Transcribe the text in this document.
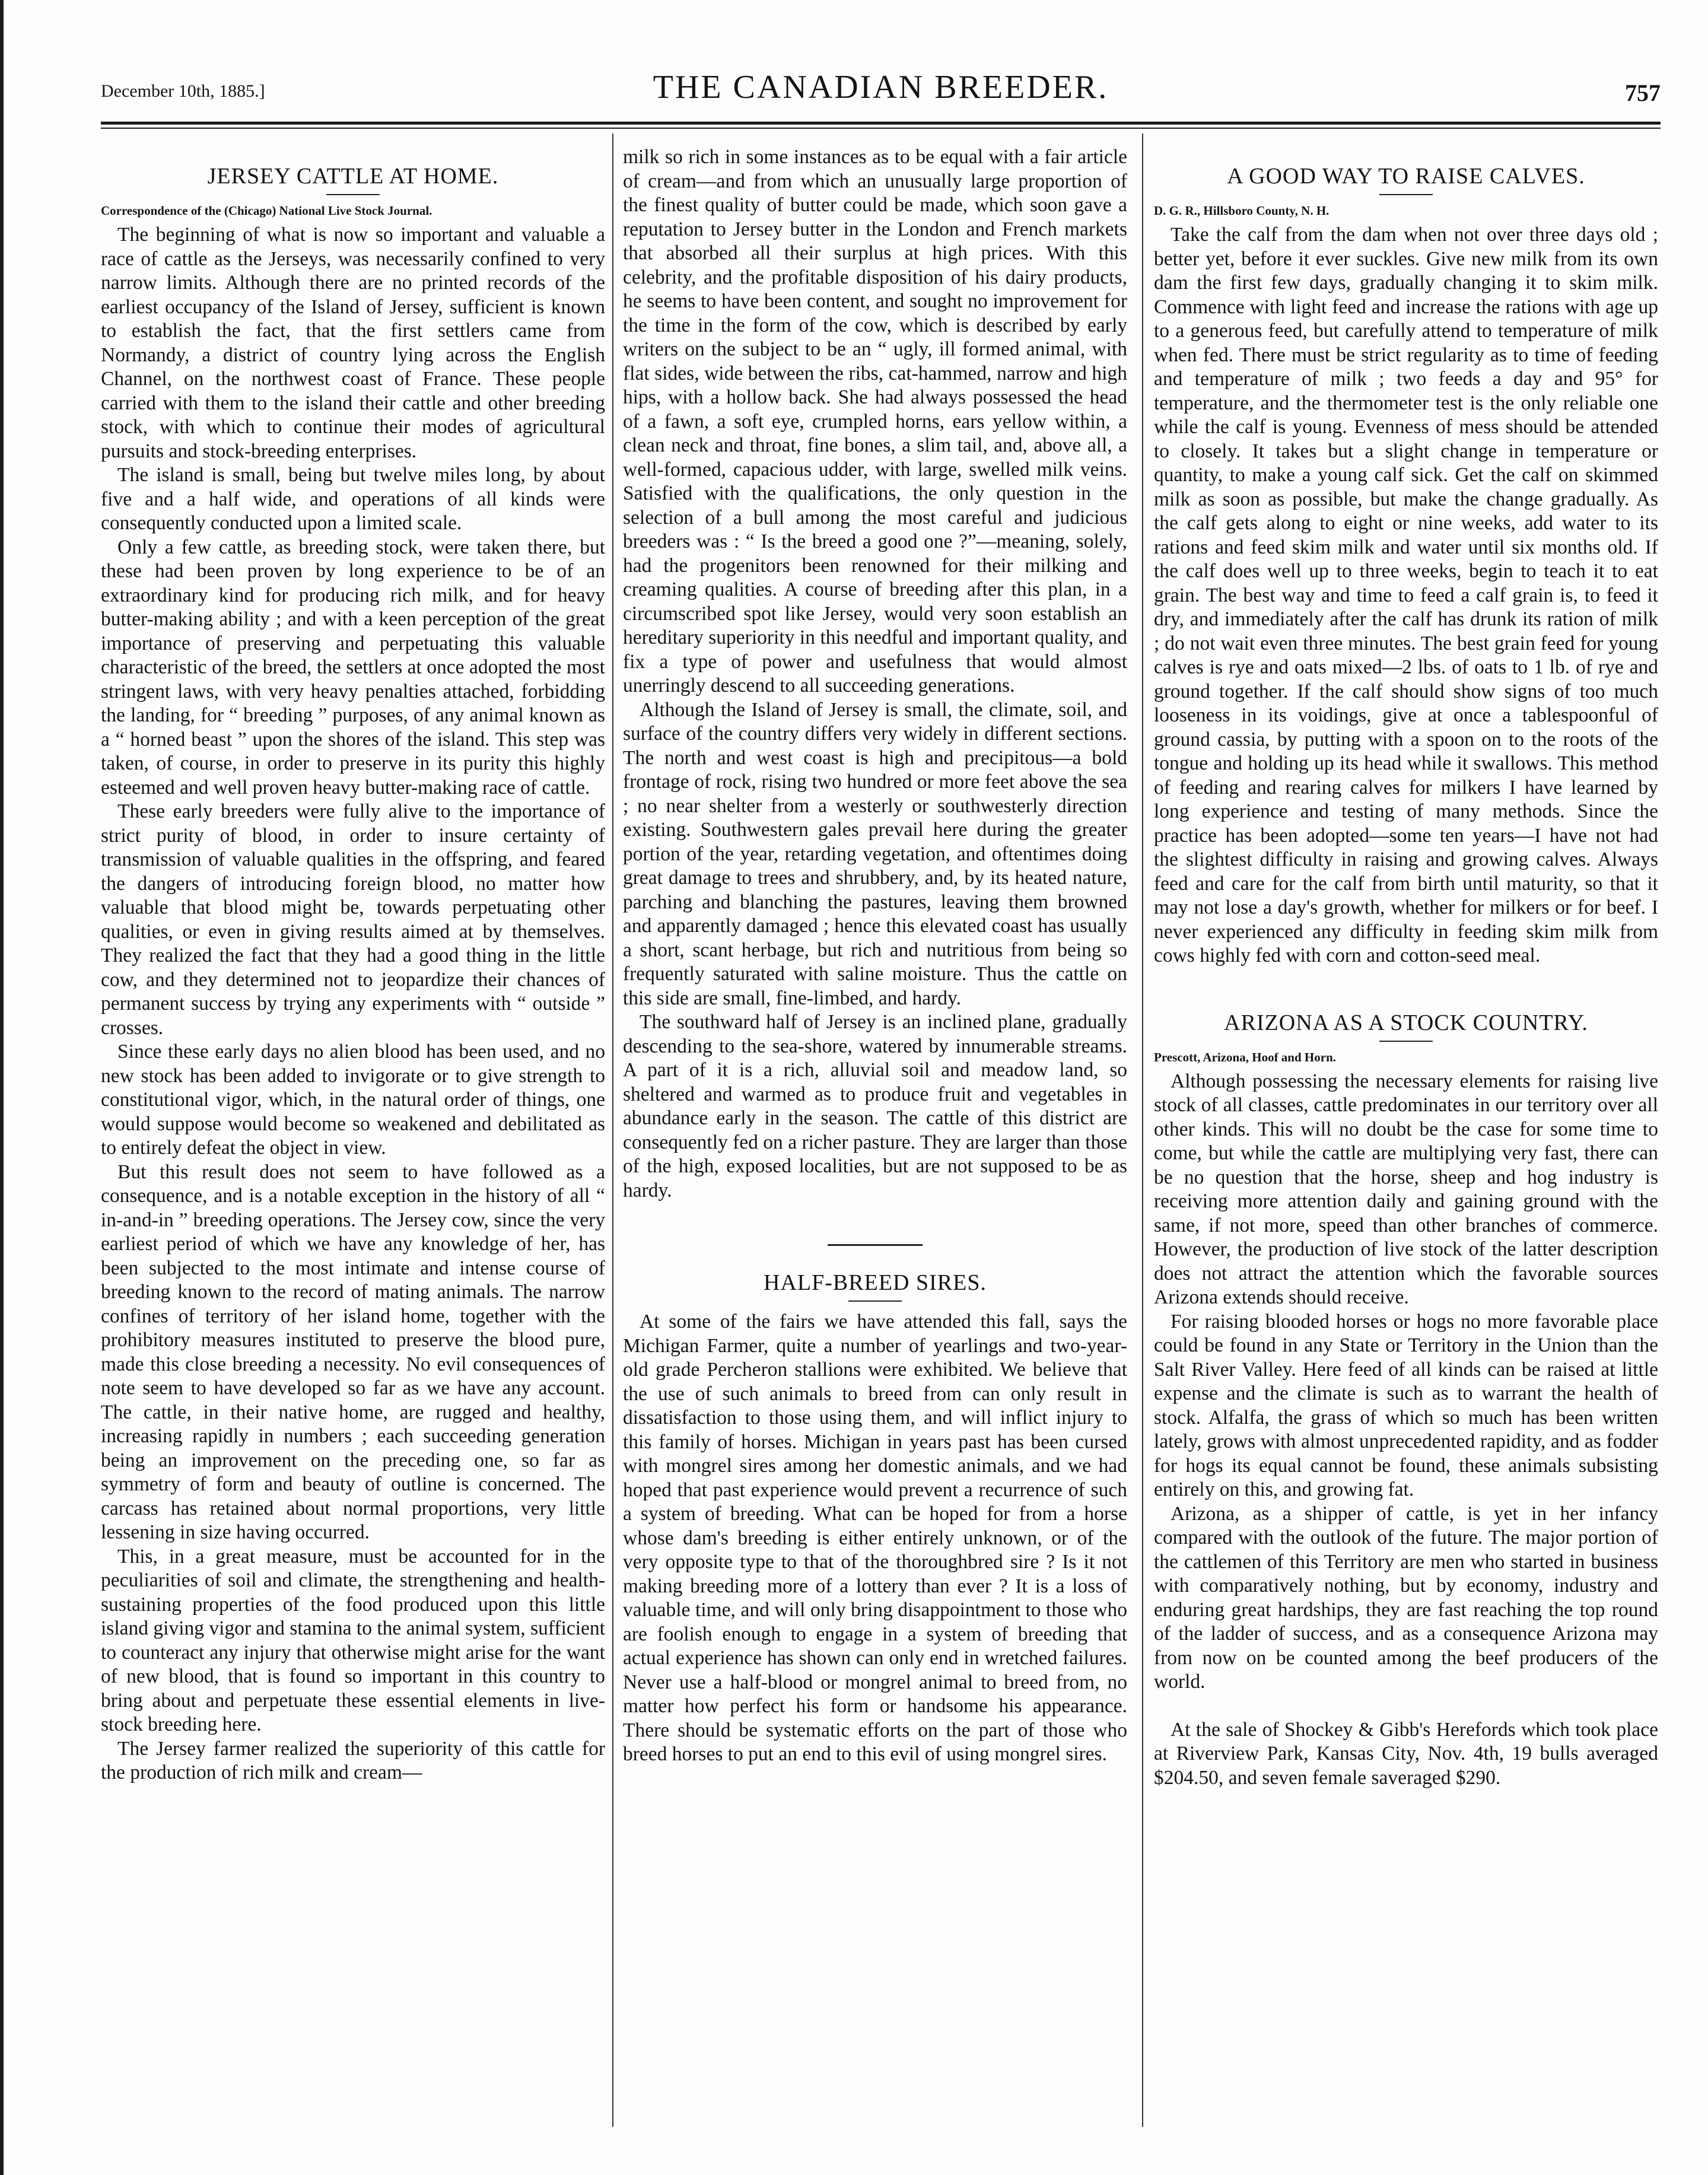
December 10th, 1885.]	THE CANADIAN BREEDER.	757
JERSEY CATTLE AT HOME.
Correspondence of the (Chicago) National Live Stock Journal.

The beginning of what is now so important and valuable a race of cattle as the Jerseys, was necessarily confined to very narrow limits. Although there are no printed records of the earliest occupancy of the Island of Jersey, sufficient is known to establish the fact, that the first settlers came from Normandy, a district of country lying across the English Channel, on the northwest coast of France. These people carried with them to the island their cattle and other breeding stock, with which to continue their modes of agricultural pursuits and stock-breeding enterprises.

The island is small, being but twelve miles long, by about five and a half wide, and operations of all kinds were consequently conducted upon a limited scale.

Only a few cattle, as breeding stock, were taken there, but these had been proven by long experience to be of an extraordinary kind for producing rich milk, and for heavy butter-making ability ; and with a keen perception of the great importance of preserving and perpetuating this valuable characteristic of the breed, the settlers at once adopted the most stringent laws, with very heavy penalties attached, forbidding the landing, for “ breeding ” purposes, of any animal known as a “ horned beast ” upon the shores of the island. This step was taken, of course, in order to preserve in its purity this highly esteemed and well proven heavy butter-making race of cattle.

These early breeders were fully alive to the importance of strict purity of blood, in order to insure certainty of transmission of valuable qualities in the offspring, and feared the dangers of introducing foreign blood, no matter how valuable that blood might be, towards perpetuating other qualities, or even in giving results aimed at by themselves. They realized the fact that they had a good thing in the little cow, and they determined not to jeopardize their chances of permanent success by trying any experiments with “ outside ” crosses.

Since these early days no alien blood has been used, and no new stock has been added to invigorate or to give strength to constitutional vigor, which, in the natural order of things, one would suppose would become so weakened and debilitated as to entirely defeat the object in view.

But this result does not seem to have followed as a consequence, and is a notable exception in the history of all “ in-and-in ” breeding operations. The Jersey cow, since the very earliest period of which we have any knowledge of her, has been subjected to the most intimate and intense course of breeding known to the record of mating animals. The narrow confines of territory of her island home, together with the prohibitory measures instituted to preserve the blood pure, made this close breeding a necessity. No evil consequences of note seem to have developed so far as we have any account. The cattle, in their native home, are rugged and healthy, increasing rapidly in numbers ; each succeeding generation being an improvement on the preceding one, so far as symmetry of form and beauty of outline is concerned. The carcass has retained about normal proportions, very little lessening in size having occurred.

This, in a great measure, must be accounted for in the peculiarities of soil and climate, the strengthening and health-sustaining properties of the food produced upon this little island giving vigor and stamina to the animal system, sufficient to counteract any injury that otherwise might arise for the want of new blood, that is found so important in this country to bring about and perpetuate these essential elements in live-stock breeding here.

The Jersey farmer realized the superiority of this cattle for the production of rich milk and cream—

milk so rich in some instances as to be equal with a fair article of cream—and from which an unusually large proportion of the finest quality of butter could be made, which soon gave a reputation to Jersey butter in the London and French markets that absorbed all their surplus at high prices. With this celebrity, and the profitable disposition of his dairy products, he seems to have been content, and sought no improvement for the time in the form of the cow, which is described by early writers on the subject to be an “ ugly, ill formed animal, with flat sides, wide between the ribs, cat-hammed, narrow and high hips, with a hollow back. She had always possessed the head of a fawn, a soft eye, crumpled horns, ears yellow within, a clean neck and throat, fine bones, a slim tail, and, above all, a well-formed, capacious udder, with large, swelled milk veins. Satisfied with the qualifications, the only question in the selection of a bull among the most careful and judicious breeders was : “ Is the breed a good one ?”—meaning, solely, had the progenitors been renowned for their milking and creaming qualities. A course of breeding after this plan, in a circumscribed spot like Jersey, would very soon establish an hereditary superiority in this needful and important quality, and fix a type of power and usefulness that would almost unerringly descend to all succeeding generations.

Although the Island of Jersey is small, the climate, soil, and surface of the country differs very widely in different sections. The north and west coast is high and precipitous—a bold frontage of rock, rising two hundred or more feet above the sea ; no near shelter from a westerly or southwesterly direction existing. Southwestern gales prevail here during the greater portion of the year, retarding vegetation, and oftentimes doing great damage to trees and shrubbery, and, by its heated nature, parching and blanching the pastures, leaving them browned and apparently damaged ; hence this elevated coast has usually a short, scant herbage, but rich and nutritious from being so frequently saturated with saline moisture. Thus the cattle on this side are small, fine-limbed, and hardy.

The southward half of Jersey is an inclined plane, gradually descending to the sea-shore, watered by innumerable streams. A part of it is a rich, alluvial soil and meadow land, so sheltered and warmed as to produce fruit and vegetables in abundance early in the season. The cattle of this district are consequently fed on a richer pasture. They are larger than those of the high, exposed localities, but are not supposed to be as hardy.

HALF-BREED SIRES.

At some of the fairs we have attended this fall, says the Michigan Farmer, quite a number of yearlings and two-year-old grade Percheron stallions were exhibited. We believe that the use of such animals to breed from can only result in dissatisfaction to those using them, and will inflict injury to this family of horses. Michigan in years past has been cursed with mongrel sires among her domestic animals, and we had hoped that past experience would prevent a recurrence of such a system of breeding. What can be hoped for from a horse whose dam's breeding is either entirely unknown, or of the very opposite type to that of the thoroughbred sire ? Is it not making breeding more of a lottery than ever ? It is a loss of valuable time, and will only bring disappointment to those who are foolish enough to engage in a system of breeding that actual experience has shown can only end in wretched failures. Never use a half-blood or mongrel animal to breed from, no matter how perfect his form or handsome his appearance. There should be systematic efforts on the part of those who breed horses to put an end to this evil of using mongrel sires.

A GOOD WAY TO RAISE CALVES.
D. G. R., Hillsboro County, N. H.

Take the calf from the dam when not over three days old ; better yet, before it ever suckles. Give new milk from its own dam the first few days, gradually changing it to skim milk. Commence with light feed and increase the rations with age up to a generous feed, but carefully attend to temperature of milk when fed. There must be strict regularity as to time of feeding and temperature of milk ; two feeds a day and 95° for temperature, and the thermometer test is the only reliable one while the calf is young. Evenness of mess should be attended to closely. It takes but a slight change in temperature or quantity, to make a young calf sick. Get the calf on skimmed milk as soon as possible, but make the change gradually. As the calf gets along to eight or nine weeks, add water to its rations and feed skim milk and water until six months old. If the calf does well up to three weeks, begin to teach it to eat grain. The best way and time to feed a calf grain is, to feed it dry, and immediately after the calf has drunk its ration of milk ; do not wait even three minutes. The best grain feed for young calves is rye and oats mixed—2 lbs. of oats to 1 lb. of rye and ground together. If the calf should show signs of too much looseness in its voidings, give at once a tablespoonful of ground cassia, by putting with a spoon on to the roots of the tongue and holding up its head while it swallows. This method of feeding and rearing calves for milkers I have learned by long experience and testing of many methods. Since the practice has been adopted—some ten years—I have not had the slightest difficulty in raising and growing calves. Always feed and care for the calf from birth until maturity, so that it may not lose a day's growth, whether for milkers or for beef. I never experienced any difficulty in feeding skim milk from cows highly fed with corn and cotton-seed meal.

ARIZONA AS A STOCK COUNTRY.
Prescott, Arizona, Hoof and Horn.

Although possessing the necessary elements for raising live stock of all classes, cattle predominates in our territory over all other kinds. This will no doubt be the case for some time to come, but while the cattle are multiplying very fast, there can be no question that the horse, sheep and hog industry is receiving more attention daily and gaining ground with the same, if not more, speed than other branches of commerce. However, the production of live stock of the latter description does not attract the attention which the favorable sources Arizona extends should receive.

For raising blooded horses or hogs no more favorable place could be found in any State or Territory in the Union than the Salt River Valley. Here feed of all kinds can be raised at little expense and the climate is such as to warrant the health of stock. Alfalfa, the grass of which so much has been written lately, grows with almost unprecedented rapidity, and as fodder for hogs its equal cannot be found, these animals subsisting entirely on this, and growing fat.

Arizona, as a shipper of cattle, is yet in her infancy compared with the outlook of the future. The major portion of the cattlemen of this Territory are men who started in business with comparatively nothing, but by economy, industry and enduring great hardships, they are fast reaching the top round of the ladder of success, and as a consequence Arizona may from now on be counted among the beef producers of the world.

At the sale of Shockey & Gibb's Herefords which took place at Riverview Park, Kansas City, Nov. 4th, 19 bulls averaged $204.50, and seven female saveraged $290.
